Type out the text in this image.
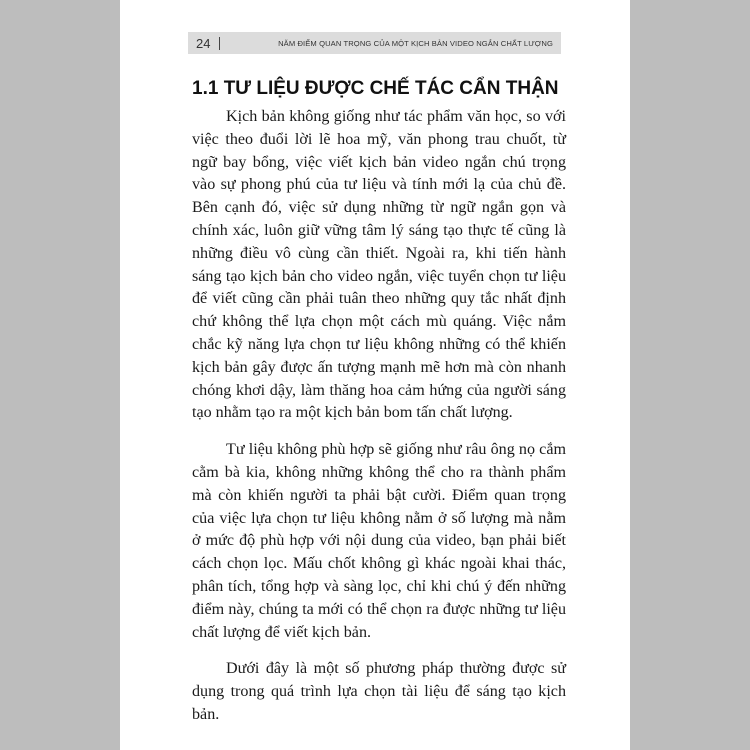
24	NĂM ĐIỂM QUAN TRỌNG CỦA MỘT KỊCH BẢN VIDEO NGẮN CHẤT LƯỢNG
1.1 TƯ LIỆU ĐƯỢC CHẾ TÁC CẨN THẬN

Kịch bản không giống như tác phẩm văn học, so với việc theo đuổi lời lẽ hoa mỹ, văn phong trau chuốt, từ ngữ bay bổng, việc viết kịch bản video ngắn chú trọng vào sự phong phú của tư liệu và tính mới lạ của chủ đề. Bên cạnh đó, việc sử dụng những từ ngữ ngắn gọn và chính xác, luôn giữ vững tâm lý sáng tạo thực tế cũng là những điều vô cùng cần thiết. Ngoài ra, khi tiến hành sáng tạo kịch bản cho video ngắn, việc tuyển chọn tư liệu để viết cũng cần phải tuân theo những quy tắc nhất định chứ không thể lựa chọn một cách mù quáng. Việc nắm chắc kỹ năng lựa chọn tư liệu không những có thể khiến kịch bản gây được ấn tượng mạnh mẽ hơn mà còn nhanh chóng khơi dậy, làm thăng hoa cảm hứng của người sáng tạo nhằm tạo ra một kịch bản bom tấn chất lượng.

Tư liệu không phù hợp sẽ giống như râu ông nọ cắm cằm bà kia, không những không thể cho ra thành phẩm mà còn khiến người ta phải bật cười. Điểm quan trọng của việc lựa chọn tư liệu không nằm ở số lượng mà nằm ở mức độ phù hợp với nội dung của video, bạn phải biết cách chọn lọc. Mấu chốt không gì khác ngoài khai thác, phân tích, tổng hợp và sàng lọc, chỉ khi chú ý đến những điểm này, chúng ta mới có thể chọn ra được những tư liệu chất lượng để viết kịch bản.

Dưới đây là một số phương pháp thường được sử dụng trong quá trình lựa chọn tài liệu để sáng tạo kịch bản.
